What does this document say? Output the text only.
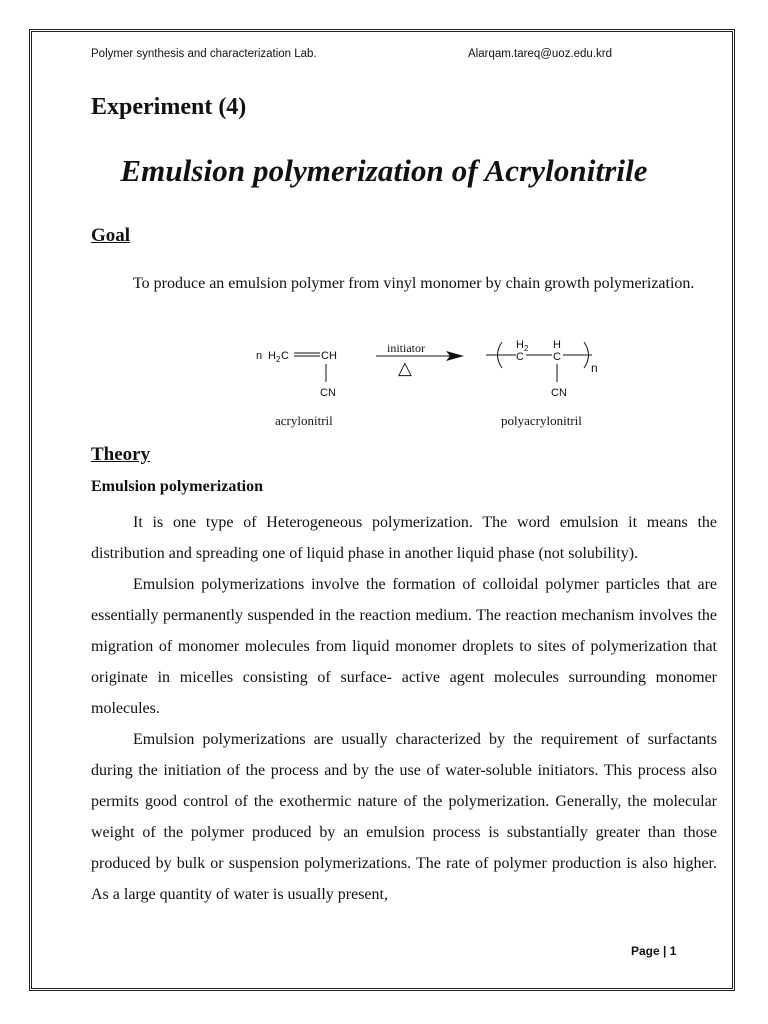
Polymer synthesis and characterization Lab.	Alarqam.tareq@uoz.edu.krd
Experiment (4)
Emulsion polymerization of Acrylonitrile
Goal

To produce an emulsion polymer from vinyl monomer by chain growth polymerization.

n H 2 C	CH
CN
initiator
△
H 2
C
H
C
n
CN
acrylonitril	polyacrylonitril
Theory
Emulsion polymerization

It is one type of Heterogeneous polymerization. The word emulsion it means the distribution and spreading one of liquid phase in another liquid phase (not solubility).

Emulsion polymerizations involve the formation of colloidal polymer particles that are essentially permanently suspended in the reaction medium. The reaction mechanism involves the migration of monomer molecules from liquid monomer droplets to sites of polymerization that originate in micelles consisting of surface- active agent molecules surrounding monomer molecules.

Emulsion polymerizations are usually characterized by the requirement of surfactants during the initiation of the process and by the use of water-soluble initiators. This process also permits good control of the exothermic nature of the polymerization. Generally, the molecular weight of the polymer produced by an emulsion process is substantially greater than those produced by bulk or suspension polymerizations. The rate of polymer production is also higher. As a large quantity of water is usually present,

Page | 1
